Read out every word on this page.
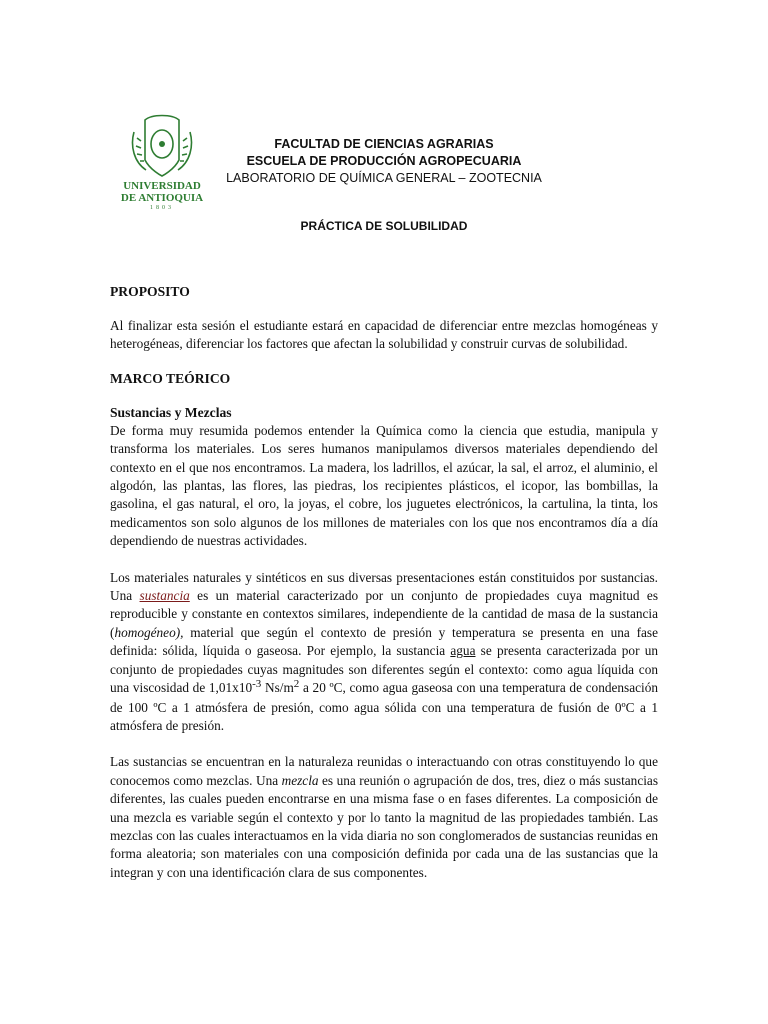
UNIVERSIDAD
DE ANTIOQUIA
1803
FACULTAD DE CIENCIAS AGRARIAS
ESCUELA DE PRODUCCIÓN AGROPECUARIA
LABORATORIO DE QUÍMICA GENERAL – ZOOTECNIA
PRÁCTICA DE SOLUBILIDAD
PROPOSITO

Al finalizar esta sesión el estudiante estará en capacidad de diferenciar entre mezclas homogéneas y heterogéneas, diferenciar los factores que afectan la solubilidad y construir curvas de solubilidad.

MARCO TEÓRICO
Sustancias y Mezclas

De forma muy resumida podemos entender la Química como la ciencia que estudia, manipula y transforma los materiales. Los seres humanos manipulamos diversos materiales dependiendo del contexto en el que nos encontramos. La madera, los ladrillos, el azúcar, la sal, el arroz, el aluminio, el algodón, las plantas, las flores, las piedras, los recipientes plásticos, el icopor, las bombillas, la gasolina, el gas natural, el oro, la joyas, el cobre, los juguetes electrónicos, la cartulina, la tinta, los medicamentos son solo algunos de los millones de materiales con los que nos encontramos día a día dependiendo de nuestras actividades.

Los materiales naturales y sintéticos en sus diversas presentaciones están constituidos por sustancias. Una sustancia es un material caracterizado por un conjunto de propiedades cuya magnitud es reproducible y constante en contextos similares, independiente de la cantidad de masa de la sustancia (homogéneo), material que según el contexto de presión y temperatura se presenta en una fase definida: sólida, líquida o gaseosa. Por ejemplo, la sustancia agua se presenta caracterizada por un conjunto de propiedades cuyas magnitudes son diferentes según el contexto: como agua líquida con una viscosidad de $1,01x10^{-3}$ $Ns/m^2$ a 20 ºC, como agua gaseosa con una temperatura de condensación de 100 ºC a 1 atmósfera de presión, como agua sólida con una temperatura de fusión de 0ºC a 1 atmósfera de presión.

Las sustancias se encuentran en la naturaleza reunidas o interactuando con otras constituyendo lo que conocemos como mezclas. Una mezcla es una reunión o agrupación de dos, tres, diez o más sustancias diferentes, las cuales pueden encontrarse en una misma fase o en fases diferentes. La composición de una mezcla es variable según el contexto y por lo tanto la magnitud de las propiedades también. Las mezclas con las cuales interactuamos en la vida diaria no son conglomerados de sustancias reunidas en forma aleatoria; son materiales con una composición definida por cada una de las sustancias que la integran y con una identificación clara de sus componentes.
